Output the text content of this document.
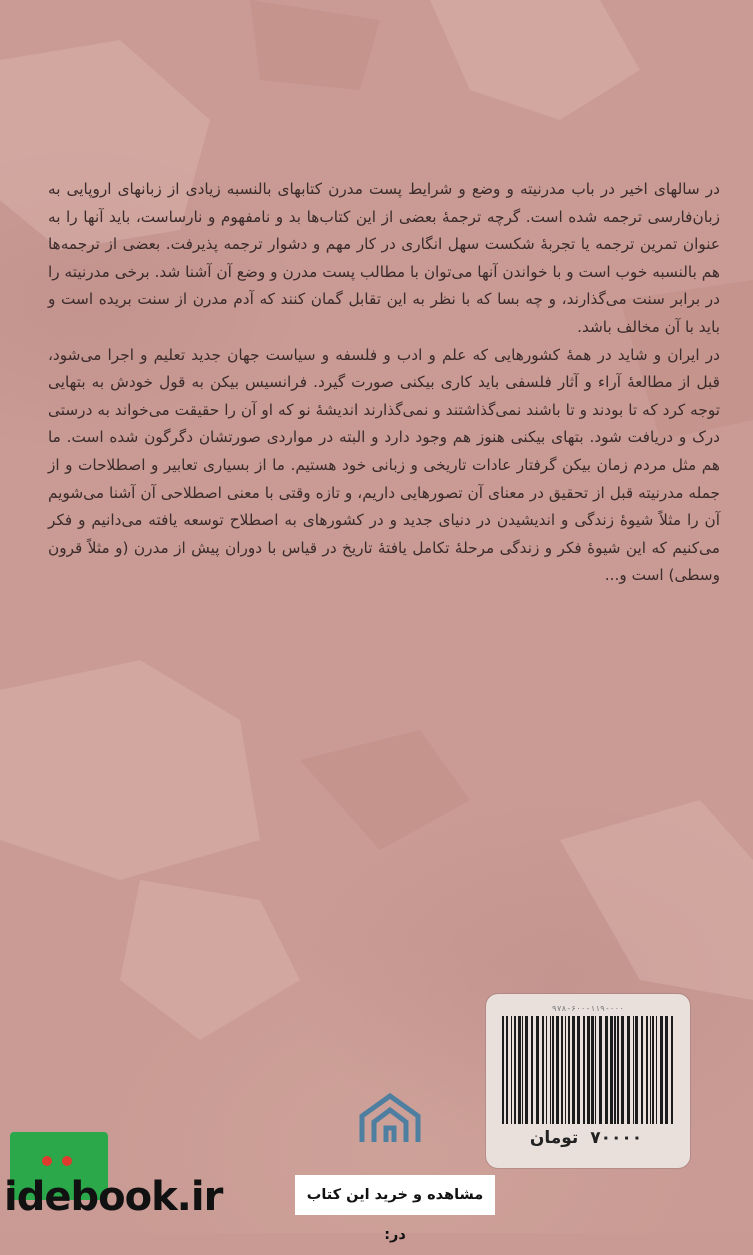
در سالهای اخیر در باب مدرنیته و وضع و شرایط پست مدرن کتابهای بالنسبه زیادی از زبانهای اروپایی به زبان‌فارسی ترجمه شده است. گرچه ترجمهٔ بعضی از این کتاب‌ها بد و نامفهوم و نارساست، باید آنها را به عنوان تمرین ترجمه یا تجربهٔ شکست سهل انگاری در کار مهم و دشوار ترجمه پذیرفت. بعضی از ترجمه‌ها هم بالنسبه خوب است و با خواندن آنها می‌توان با مطالب پست مدرن و وضع آن آشنا شد. برخی مدرنیته را در برابر سنت می‌گذارند، و چه بسا که با نظر به این تقابل گمان کنند که آدم مدرن از سنت بریده است و باید با آن مخالف باشد.

در ایران و شاید در همهٔ کشورهایی که علم و ادب و فلسفه و سیاست جهان جدید تعلیم و اجرا می‌شود، قبل از مطالعهٔ آراء و آثار فلسفی باید کاری بیکنی صورت گیرد. فرانسیس بیکن به قول خودش به بتهایی توجه کرد که تا بودند و تا باشند نمی‌گذاشتند و نمی‌گذارند اندیشهٔ نو که او آن را حقیقت می‌خواند به درستی درک و دریافت شود. بتهای بیکنی هنوز هم وجود دارد و البته در مواردی صورتشان دگرگون شده است. ما هم مثل مردم زمان بیکن گرفتار عادات تاریخی و زبانی خود هستیم. ما از بسیاری تعابیر و اصطلاحات و از جمله مدرنیته قبل از تحقیق در معنای آن تصورهایی داریم، و تازه وقتی با معنی اصطلاحی آن آشنا می‌شویم آن را مثلاً شیوهٔ زندگی و اندیشیدن در دنیای جدید و در کشورهای به اصطلاح توسعه یافته می‌دانیم و فکر می‌کنیم که این شیوهٔ فکر و زندگی مرحلهٔ تکامل یافتهٔ تاریخ در قیاس با دوران پیش از مدرن (و مثلاً قرون وسطی) است و...

۹۷۸-۶۰۰-۱۱۹-۰۰۰
۷۰۰۰۰ تومان
idebook.ir	مشاهده و خرید این کتاب در:
